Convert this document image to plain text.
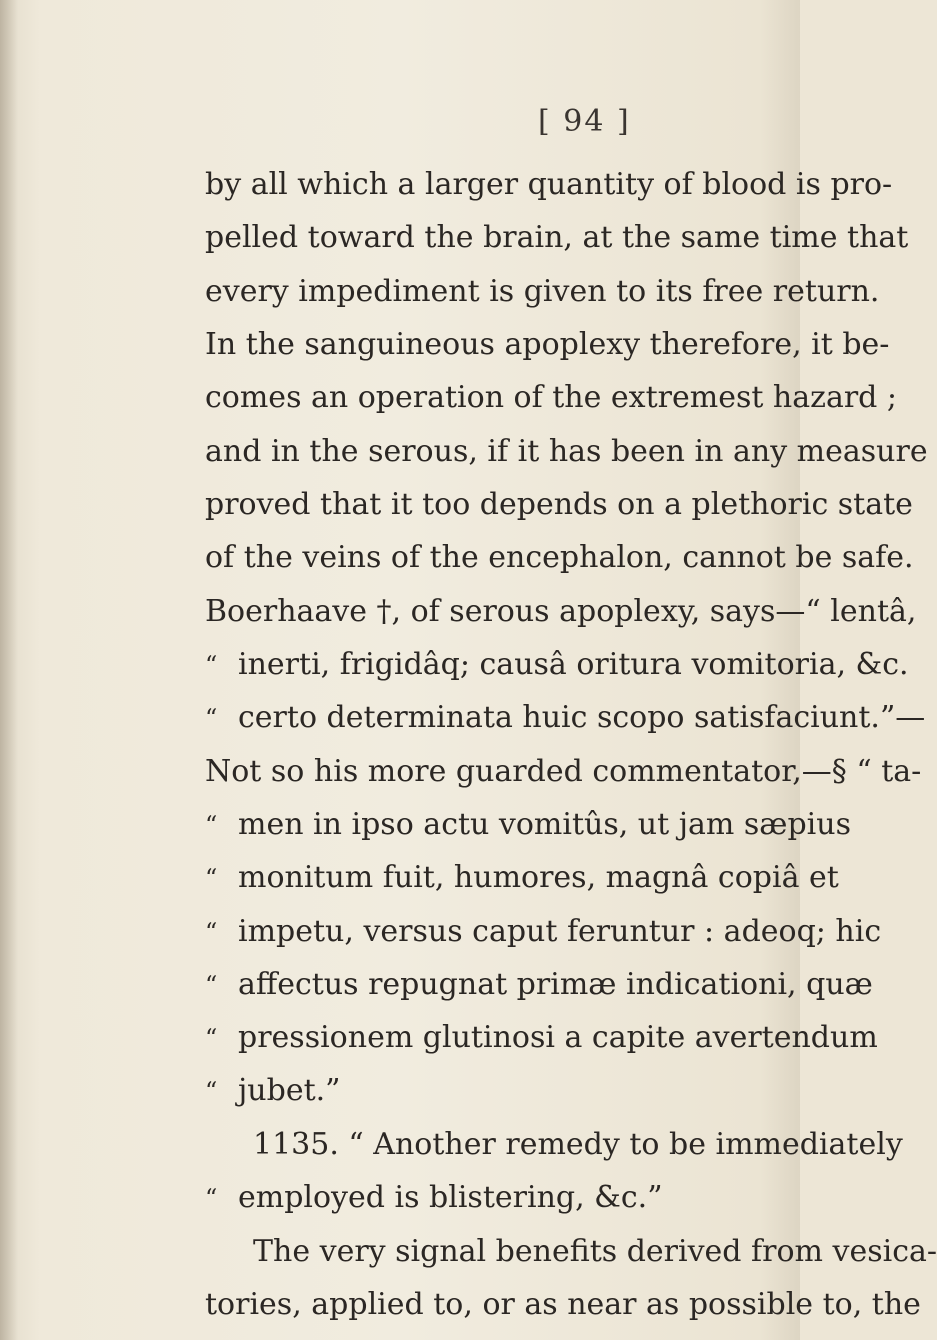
[ 94 ]
by all which a larger quantity of blood is pro-
pelled toward the brain, at the same time that
every impediment is given to its free return.
In the sanguineous apoplexy therefore, it be-
comes an operation of the extremest hazard ;
and in the serous, if it has been in any measure
proved that it too depends on a plethoric state
of the veins of the encephalon, cannot be safe.
Boerhaave †, of serous apoplexy, says—“ lentâ,
“ inerti, frigidâq; causâ oritura vomitoria, &c.
“ certo determinata huic scopo satisfaciunt.”—
Not so his more guarded commentator,—§ “ ta-
“ men in ipso actu vomitûs, ut jam sæpius
“ monitum fuit, humores, magnâ copiâ et
“ impetu, versus caput feruntur : adeoq; hic
“ affectus repugnat primæ indicationi, quæ
“ pressionem glutinosi a capite avertendum
“ jubet.”
1135. “ Another remedy to be immediately
“ employed is blistering, &c.”
The very signal benefits derived from vesica-
tories, applied to, or as near as possible to, the
